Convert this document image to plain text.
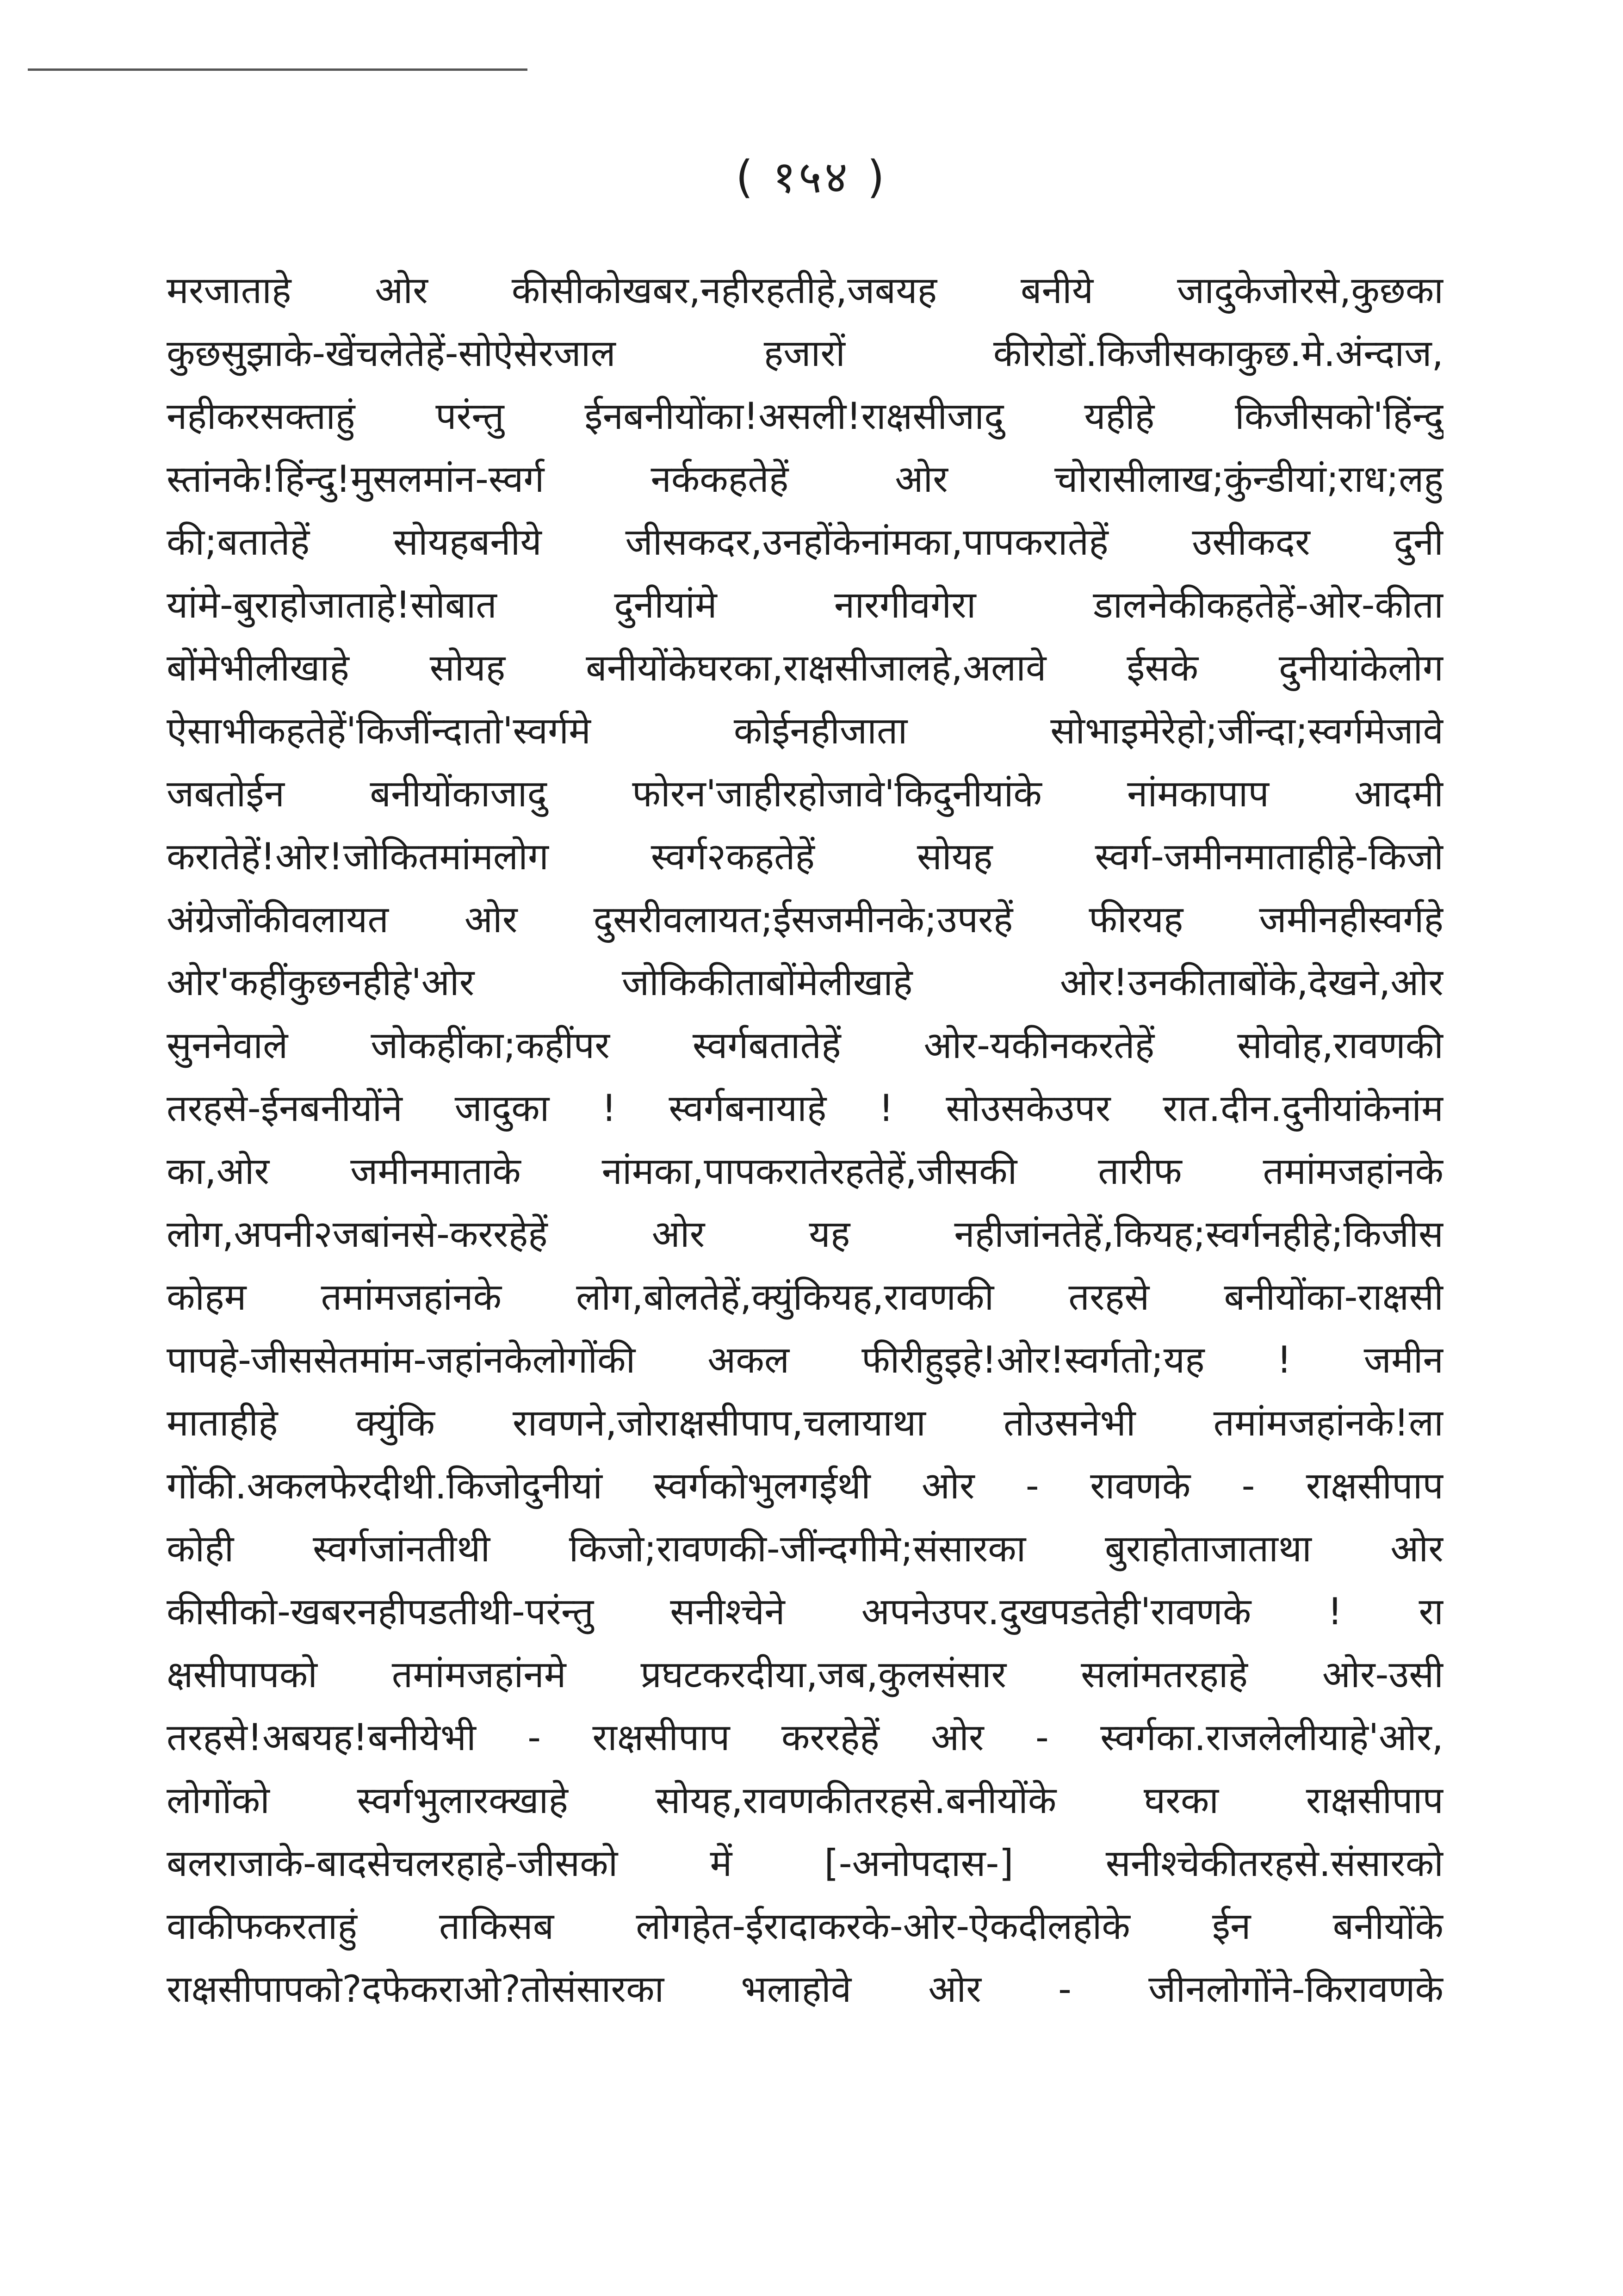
( १५४ )
मरजाताहे ओर कीसीकोखबर,नहीरहतीहे,जबयह बनीये जादुकेजोरसे,कुछका
कुछसुझाके-खेंचलेतेहें-सोऐसेरजाल हजारों कीरोडों.किजीसकाकुछ.मे.अंन्दाज,
नहीकरसक्ताहुं परंन्तु ईनबनीयोंका!असली!राक्षसीजादु यहीहे किजीसको'हिंन्दु
स्तांनके!हिंन्दु!मुसलमांन-स्वर्ग नर्ककहतेहें ओर चोरासीलाख;कुंन्डीयां;राध;लहु
की;बतातेहें सोयहबनीये जीसकदर,उनहोंकेनांमका,पापकरातेहें उसीकदर दुनी
यांमे-बुराहोजाताहे!सोबात दुनीयांमे नारगीवगेरा डालनेकीकहतेहें-ओर-कीता
बोंमेभीलीखाहे सोयह बनीयोंकेघरका,राक्षसीजालहे,अलावे ईसके दुनीयांकेलोग
ऐसाभीकहतेहें'किजींन्दातो'स्वर्गमे कोईनहीजाता सोभाइमेरेहो;जींन्दा;स्वर्गमेजावे
जबतोईन बनीयोंकाजादु फोरन'जाहीरहोजावे'किदुनीयांके नांमकापाप आदमी
करातेहें!ओर!जोकितमांमलोग स्वर्ग२कहतेहें सोयह स्वर्ग-जमीनमाताहीहे-किजो
अंग्रेजोंकीवलायत ओर दुसरीवलायत;ईसजमीनके;उपरहें फीरयह जमीनहीस्वर्गहे
ओर'कहींकुछनहीहे'ओर जोकिकीताबोंमेलीखाहे ओर!उनकीताबोंके,देखने,ओर
सुननेवाले जोकहींका;कहींपर स्वर्गबतातेहें ओर-यकीनकरतेहें सोवोह,रावणकी
तरहसे-ईनबनीयोंने जादुका ! स्वर्गबनायाहे ! सोउसकेउपर रात.दीन.दुनीयांकेनांम
का,ओर जमीनमाताके नांमका,पापकरातेरहतेहें,जीसकी तारीफ तमांमजहांनके
लोग,अपनी२जबांनसे-कररहेहें ओर यह नहीजांनतेहें,कियह;स्वर्गनहीहे;किजीस
कोहम तमांमजहांनके लोग,बोलतेहें,क्युंकियह,रावणकी तरहसे बनीयोंका-राक्षसी
पापहे-जीससेतमांम-जहांनकेलोगोंकी अकल फीरीहुइहे!ओर!स्वर्गतो;यह ! जमीन
माताहीहे क्युंकि रावणने,जोराक्षसीपाप,चलायाथा तोउसनेभी तमांमजहांनके!ला
गोंकी.अकलफेरदीथी.किजोदुनीयां स्वर्गकोभुलगईथी ओर - रावणके - राक्षसीपाप
कोही स्वर्गजांनतीथी किजो;रावणकी-जींन्दगीमे;संसारका बुराहोताजाताथा ओर
कीसीको-खबरनहीपडतीथी-परंन्तु सनीश्चेने अपनेउपर.दुखपडतेही'रावणके ! रा
क्षसीपापको तमांमजहांनमे प्रघटकरदीया,जब,कुलसंसार सलांमतरहाहे ओर-उसी
तरहसे!अबयह!बनीयेभी - राक्षसीपाप कररहेहें ओर - स्वर्गका.राजलेलीयाहे'ओर,
लोगोंको स्वर्गभुलारक्खाहे सोयह,रावणकीतरहसे.बनीयोंके घरका राक्षसीपाप
बलराजाके-बादसेचलरहाहे-जीसको में [-अनोपदास-] सनीश्चेकीतरहसे.संसारको
वाकीफकरताहुं ताकिसब लोगहेत-ईरादाकरके-ओर-ऐकदीलहोके ईन बनीयोंके
राक्षसीपापको?दफेकराओ?तोसंसारका भलाहोवे ओर - जीनलोगोंने-किरावणके
